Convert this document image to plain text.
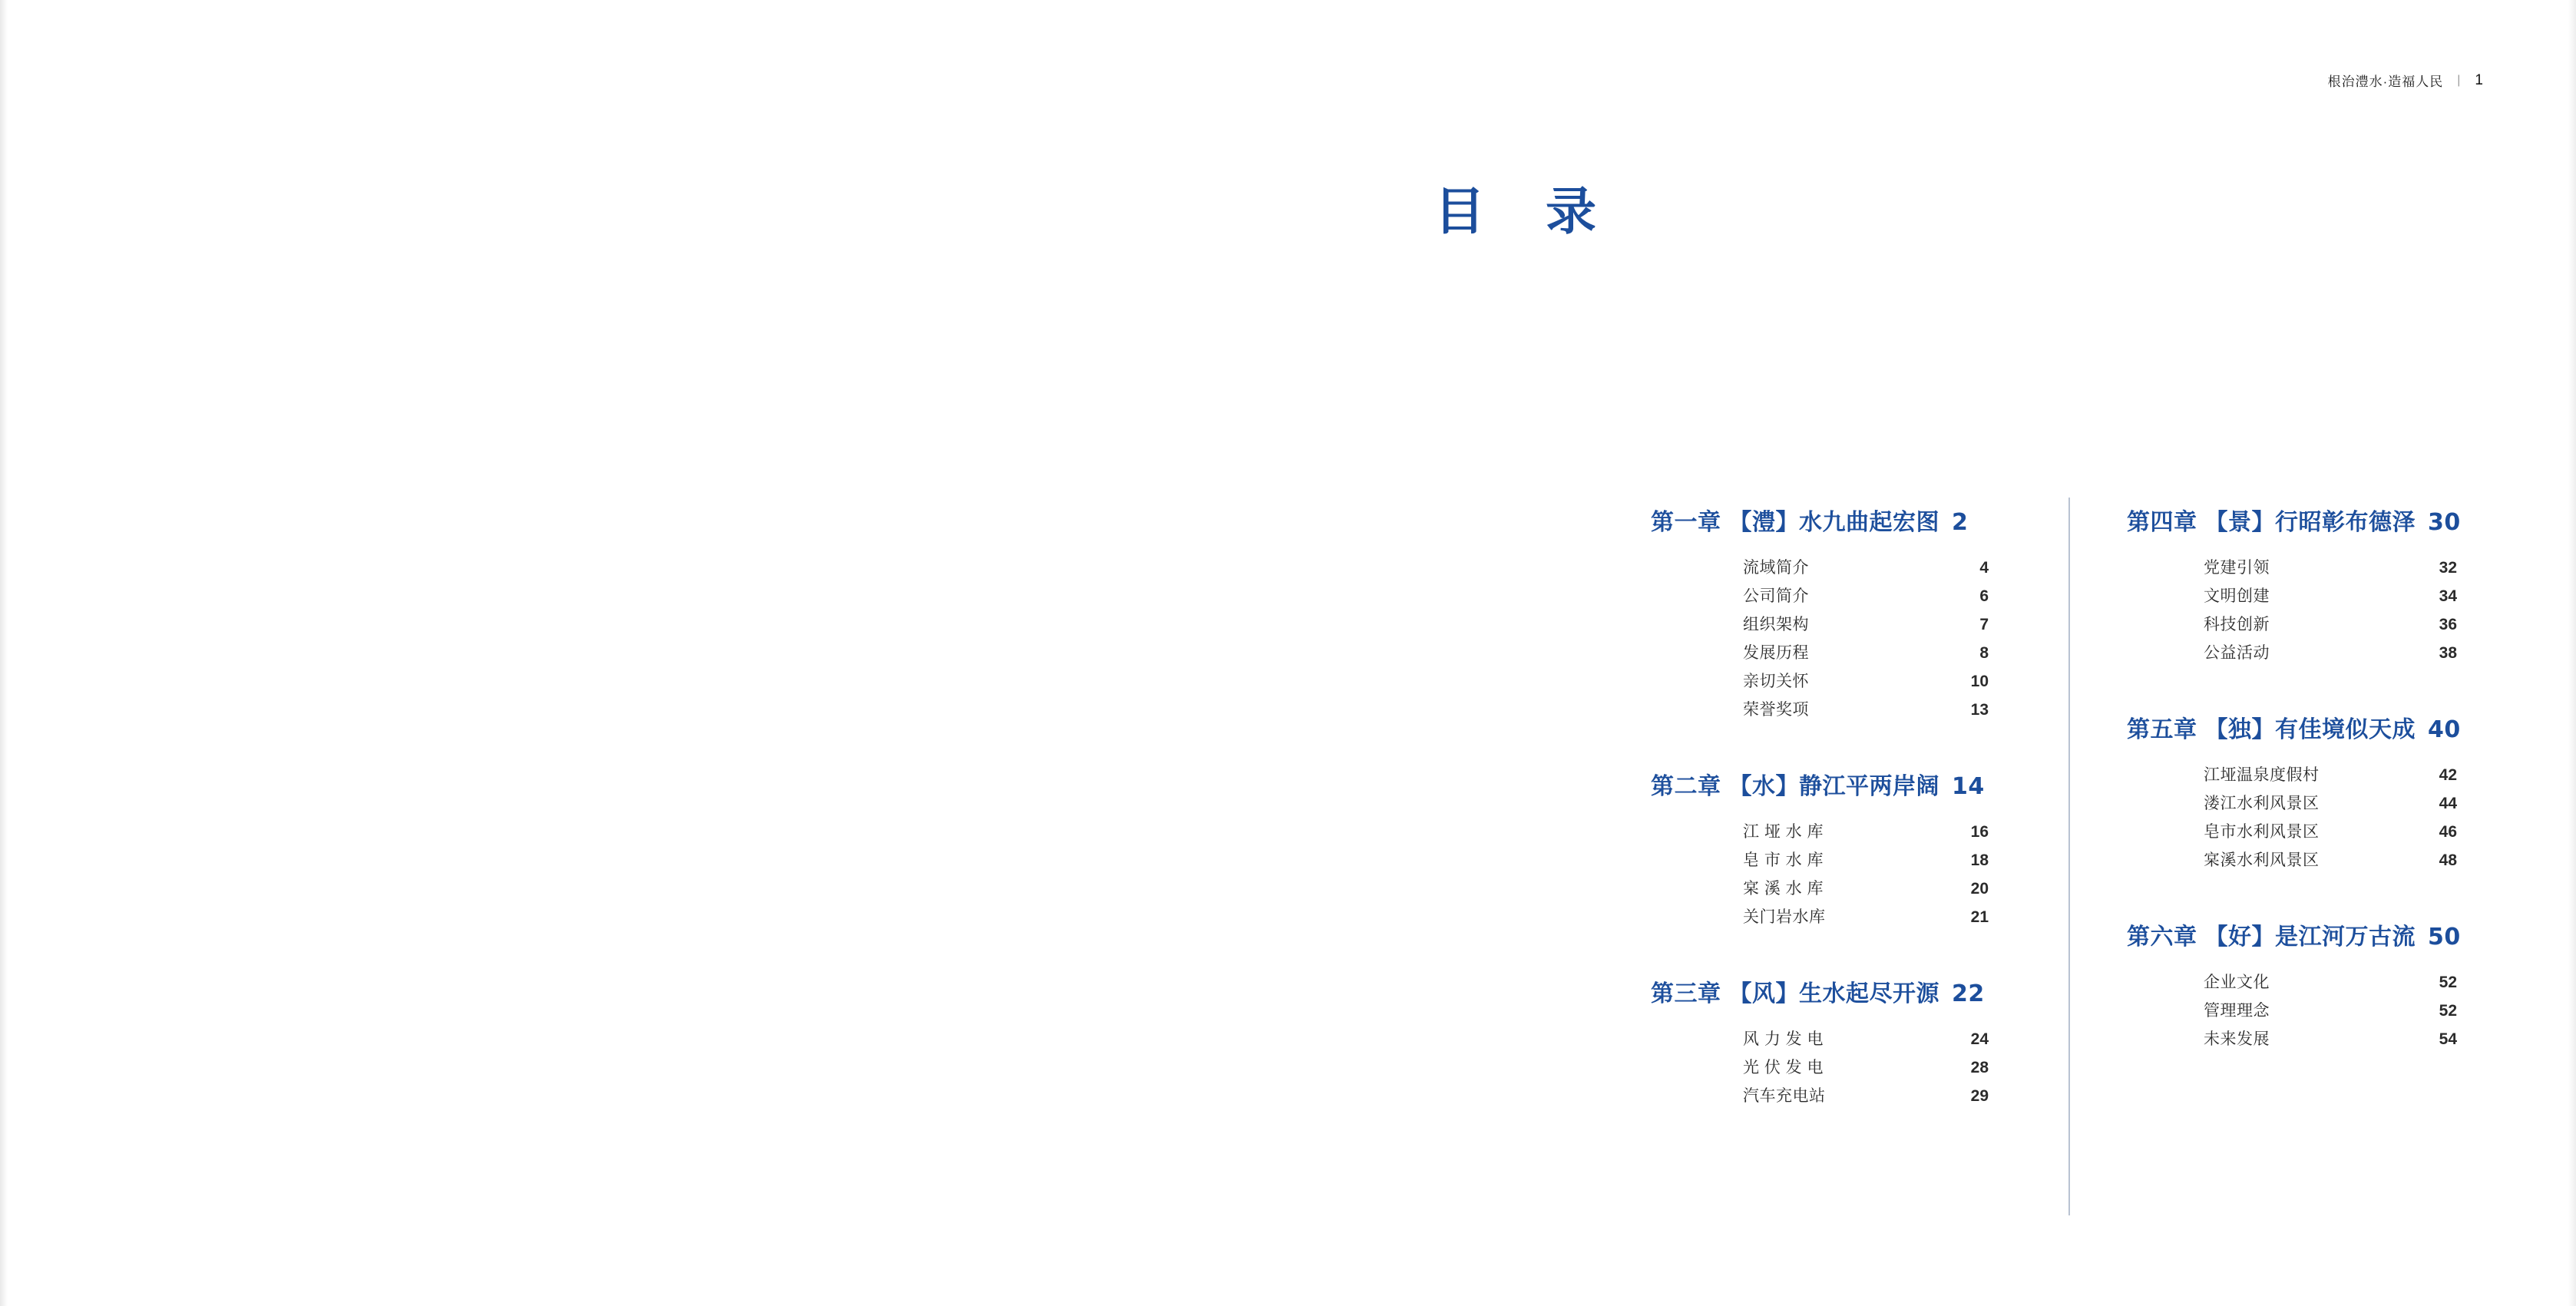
根治澧水·造福人民 | 1
目 录
第一章 【澧】水九曲起宏图 2
流域简介	4
公司简介	6
组织架构	7
发展历程	8
亲切关怀	10
荣誉奖项	13
第二章 【水】静江平两岸阔 14
江 垭 水 库	16
皂 市 水 库	18
宲 溪 水 库	20
关门岩水库	21
第三章 【风】生水起尽开源 22
风 力 发 电	24
光 伏 发 电	28
汽车充电站	29
第四章 【景】行昭彰布德泽 30
党建引领	32
文明创建	34
科技创新	36
公益活动	38
第五章 【独】有佳境似天成 40
江垭温泉度假村	42
溇江水利风景区	44
皂市水利风景区	46
宲溪水利风景区	48
第六章 【好】是江河万古流 50
企业文化	52
管理理念	52
未来发展	54
